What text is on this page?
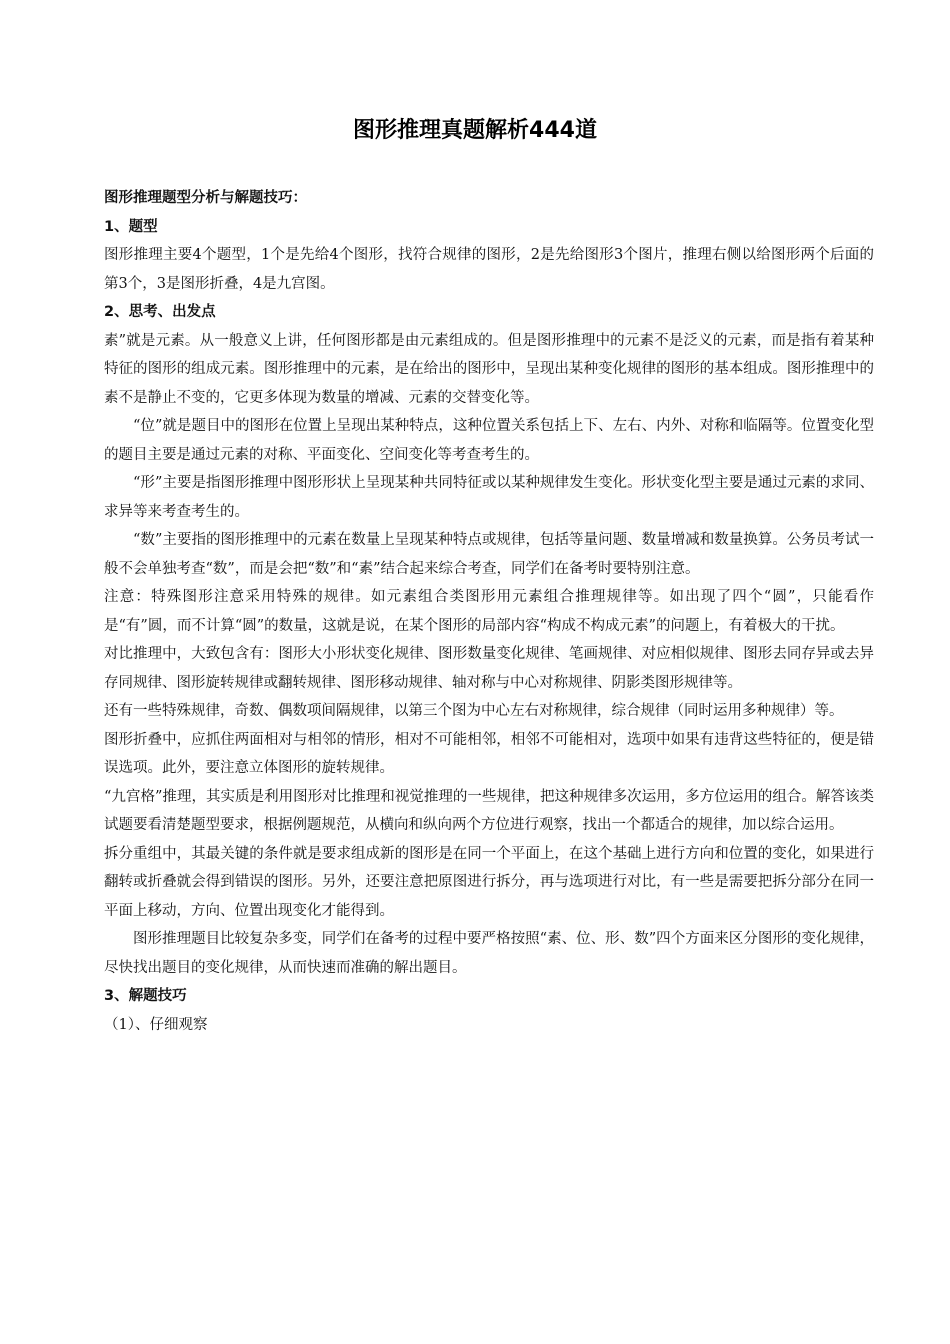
图形推理真题解析444道

图形推理题型分析与解题技巧：

1、题型

图形推理主要4个题型，1个是先给4个图形，找符合规律的图形，2是先给图形3个图片，推理右侧以给图形两个后面的第3个，3是图形折叠，4是九宫图。

2、思考、出发点

素”就是元素。从一般意义上讲，任何图形都是由元素组成的。但是图形推理中的元素不是泛义的元素，而是指有着某种特征的图形的组成元素。图形推理中的元素，是在给出的图形中，呈现出某种变化规律的图形的基本组成。图形推理中的素不是静止不变的，它更多体现为数量的增减、元素的交替变化等。

“位”就是题目中的图形在位置上呈现出某种特点，这种位置关系包括上下、左右、内外、对称和临隔等。位置变化型的题目主要是通过元素的对称、平面变化、空间变化等考查考生的。

“形”主要是指图形推理中图形形状上呈现某种共同特征或以某种规律发生变化。形状变化型主要是通过元素的求同、求异等来考查考生的。

“数”主要指的图形推理中的元素在数量上呈现某种特点或规律，包括等量问题、数量增减和数量换算。公务员考试一般不会单独考查“数”，而是会把“数”和“素”结合起来综合考查，同学们在备考时要特别注意。

注意：特殊图形注意采用特殊的规律。如元素组合类图形用元素组合推理规律等。如出现了四个“圆”，只能看作是“有”圆，而不计算“圆”的数量，这就是说，在某个图形的局部内容“构成不构成元素”的问题上，有着极大的干扰。

对比推理中，大致包含有：图形大小形状变化规律、图形数量变化规律、笔画规律、对应相似规律、图形去同存异或去异存同规律、图形旋转规律或翻转规律、图形移动规律、轴对称与中心对称规律、阴影类图形规律等。

还有一些特殊规律，奇数、偶数项间隔规律，以第三个图为中心左右对称规律，综合规律（同时运用多种规律）等。

图形折叠中，应抓住两面相对与相邻的情形，相对不可能相邻，相邻不可能相对，选项中如果有违背这些特征的，便是错误选项。此外，要注意立体图形的旋转规律。

“九宫格”推理，其实质是利用图形对比推理和视觉推理的一些规律，把这种规律多次运用，多方位运用的组合。解答该类试题要看清楚题型要求，根据例题规范，从横向和纵向两个方位进行观察，找出一个都适合的规律，加以综合运用。

拆分重组中，其最关键的条件就是要求组成新的图形是在同一个平面上，在这个基础上进行方向和位置的变化，如果进行翻转或折叠就会得到错误的图形。另外，还要注意把原图进行拆分，再与选项进行对比，有一些是需要把拆分部分在同一平面上移动，方向、位置出现变化才能得到。

图形推理题目比较复杂多变，同学们在备考的过程中要严格按照“素、位、形、数”四个方面来区分图形的变化规律，尽快找出题目的变化规律，从而快速而准确的解出题目。

3、解题技巧

（1）、仔细观察
